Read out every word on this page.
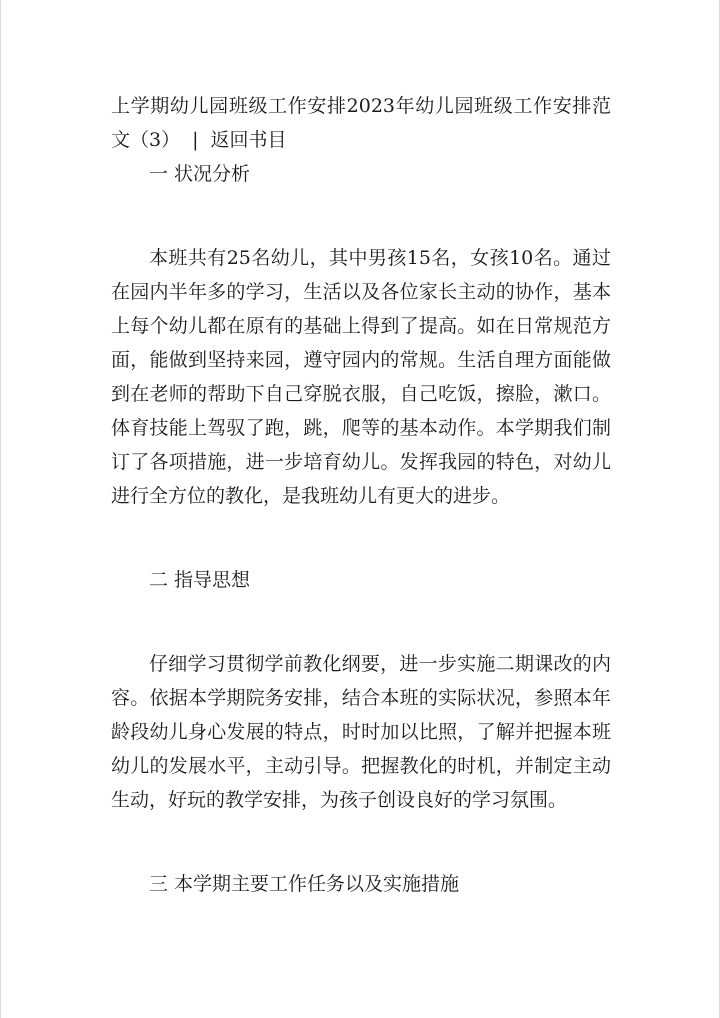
上学期幼儿园班级工作安排2023年幼儿园班级工作安排范文（3） | 返回书目

一 状况分析

本班共有25名幼儿，其中男孩15名，女孩10名。通过在园内半年多的学习，生活以及各位家长主动的协作，基本上每个幼儿都在原有的基础上得到了提高。如在日常规范方面，能做到坚持来园，遵守园内的常规。生活自理方面能做到在老师的帮助下自己穿脱衣服，自己吃饭，擦脸，漱口。体育技能上驾驭了跑，跳，爬等的基本动作。本学期我们制订了各项措施，进一步培育幼儿。发挥我园的特色，对幼儿进行全方位的教化，是我班幼儿有更大的进步。

二 指导思想

仔细学习贯彻学前教化纲要，进一步实施二期课改的内容。依据本学期院务安排，结合本班的实际状况，参照本年龄段幼儿身心发展的特点，时时加以比照，了解并把握本班幼儿的发展水平，主动引导。把握教化的时机，并制定主动生动，好玩的教学安排，为孩子创设良好的学习氛围。

三 本学期主要工作任务以及实施措施
